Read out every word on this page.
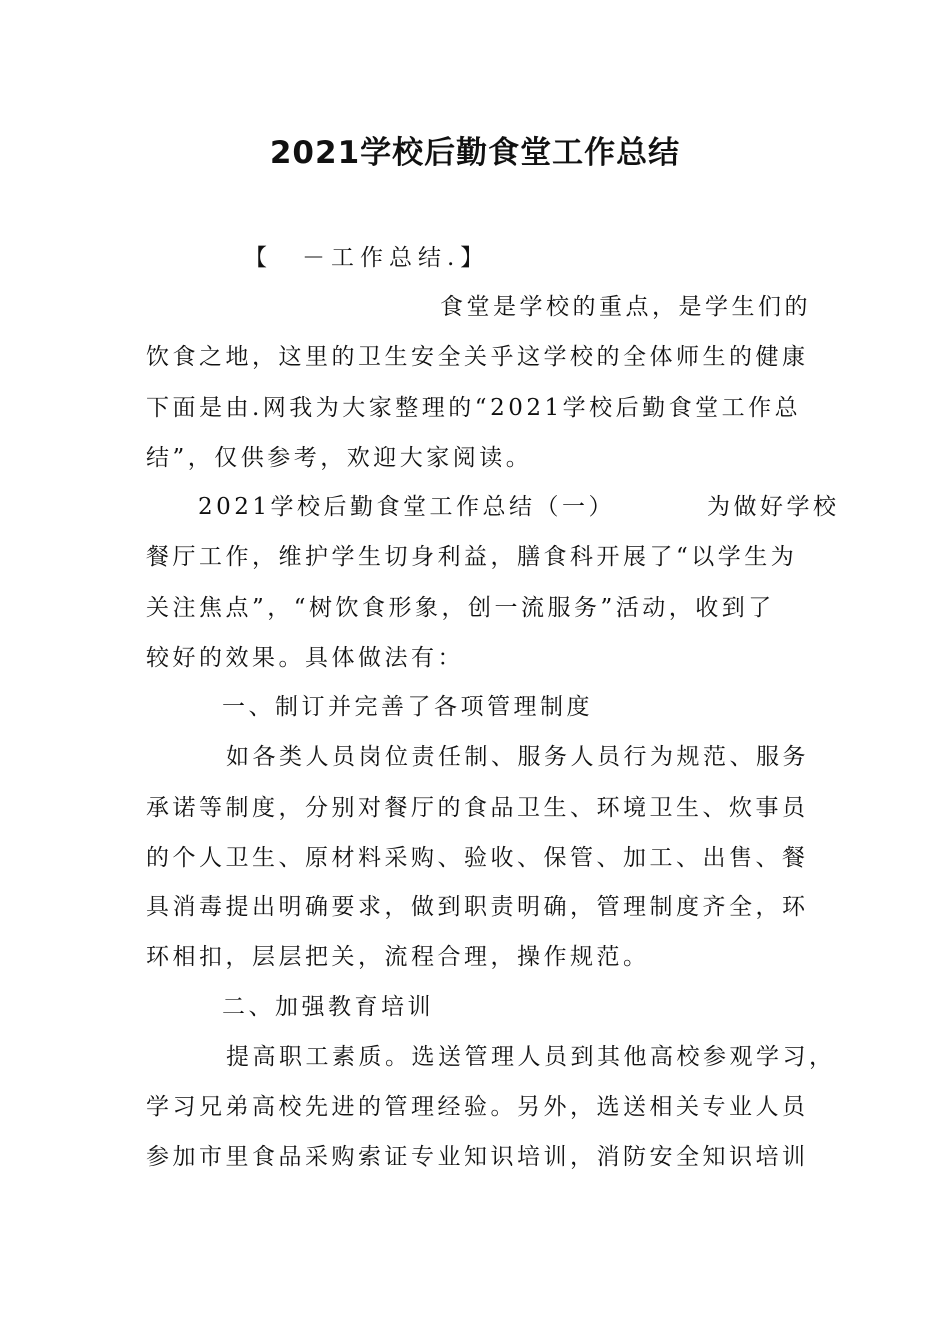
2021学校后勤食堂工作总结
【　－工作总结.】
食堂是学校的重点，是学生们的
饮食之地，这里的卫生安全关乎这学校的全体师生的健康
下面是由.网我为大家整理的“2021学校后勤食堂工作总
结”，仅供参考，欢迎大家阅读。
2021学校后勤食堂工作总结（一）	为做好学校
餐厅工作，维护学生切身利益，膳食科开展了“以学生为
关注焦点”，“树饮食形象，创一流服务”活动，收到了
较好的效果。具体做法有：
一、制订并完善了各项管理制度
如各类人员岗位责任制、服务人员行为规范、服务
承诺等制度，分别对餐厅的食品卫生、环境卫生、炊事员
的个人卫生、原材料采购、验收、保管、加工、出售、餐
具消毒提出明确要求，做到职责明确，管理制度齐全，环
环相扣，层层把关，流程合理，操作规范。
二、加强教育培训
提高职工素质。选送管理人员到其他高校参观学习，
学习兄弟高校先进的管理经验。另外，选送相关专业人员
参加市里食品采购索证专业知识培训，消防安全知识培训
